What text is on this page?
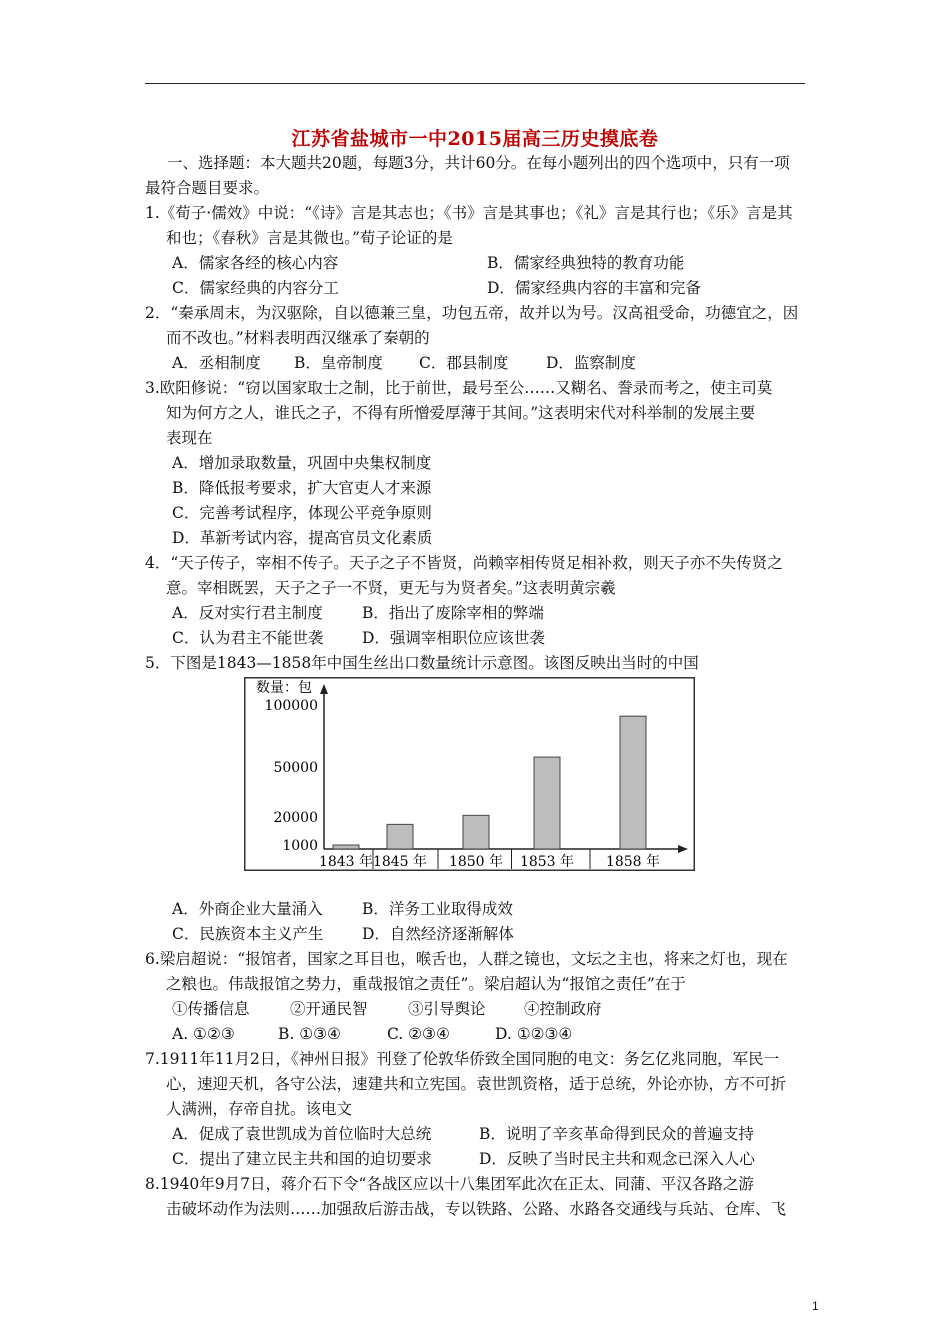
江苏省盐城市一中2015届高三历史摸底卷
一、选择题：本大题共20题，每题3分，共计60分。在每小题列出的四个选项中，只有一项
最符合题目要求。
1.《荀子·儒效》中说：“《诗》言是其志也；《书》言是其事也；《礼》言是其行也；《乐》言是其
和也；《春秋》言是其微也。”荀子论证的是
A．儒家各经的核心内容	B．儒家经典独特的教育功能
C．儒家经典的内容分工	D．儒家经典内容的丰富和完备
2．“秦承周末，为汉驱除，自以德兼三皇，功包五帝，故并以为号。汉高祖受命，功德宜之，因
而不改也。”材料表明西汉继承了秦朝的
A．丞相制度 B．皇帝制度 C．郡县制度 D．监察制度
3.欧阳修说：“窃以国家取士之制，比于前世，最号至公……又糊名、誊录而考之，使主司莫
知为何方之人，谁氏之子，不得有所憎爱厚薄于其间。”这表明宋代对科举制的发展主要
表现在
A．增加录取数量，巩固中央集权制度
B．降低报考要求，扩大官吏人才来源
C．完善考试程序，体现公平竞争原则
D．革新考试内容，提高官员文化素质
4．“天子传子，宰相不传子。天子之子不皆贤，尚赖宰相传贤足相补救，则天子亦不失传贤之
意。宰相既罢，天子之子一不贤，更无与为贤者矣。”这表明黄宗羲
A．反对实行君主制度	B．指出了废除宰相的弊端
C．认为君主不能世袭 D．强调宰相职位应该世袭
5．下图是1843—1858年中国生丝出口数量统计示意图。该图反映出当时的中国
数量：包
100000
50000
20000
1000
1843 年 1845 年 1850 年 1853 年 1858 年
A．外商企业大量涌入	B．洋务工业取得成效
C．民族资本主义产生 D．自然经济逐渐解体
6.梁启超说：“报馆者，国家之耳目也，喉舌也，人群之镜也，文坛之主也，将来之灯也，现在
之粮也。伟哉报馆之势力，重哉报馆之责任”。梁启超认为“报馆之责任”在于
①传播信息	②开通民智	③引导舆论 ④控制政府
A. ①②③	B. ①③④	C. ②③④	D. ①②③④
7.1911年11月2日，《神州日报》刊登了伦敦华侨致全国同胞的电文：务乞亿兆同胞，军民一
心，速迎天机，各守公法，速建共和立宪国。袁世凯资格，适于总统，外论亦协，方不可折
人满洲，存帝自扰。该电文
A．促成了袁世凯成为首位临时大总统	B．说明了辛亥革命得到民众的普遍支持
C．提出了建立民主共和国的迫切要求	D．反映了当时民主共和观念已深入人心
8.1940年9月7日，蒋介石下令“各战区应以十八集团军此次在正太、同蒲、平汉各路之游
击破坏动作为法则……加强敌后游击战，专以铁路、公路、水路各交通线与兵站、仓库、飞
1
